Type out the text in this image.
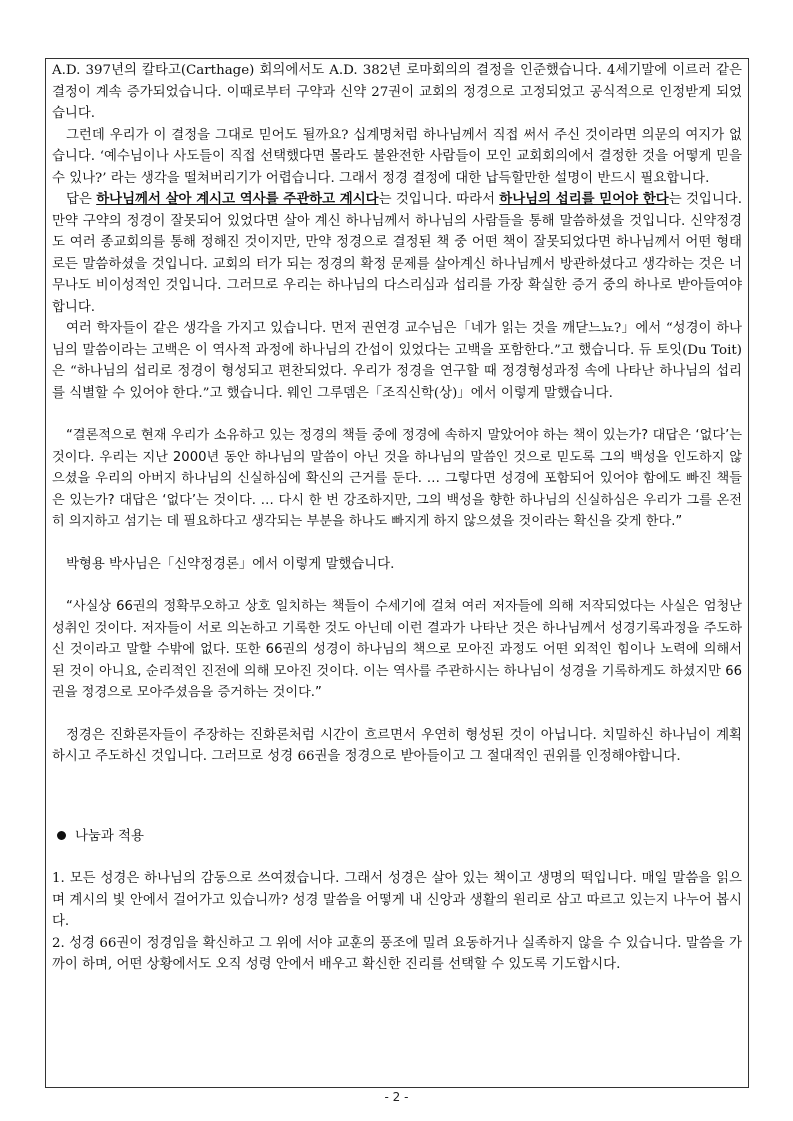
A.D. 397년의 칼타고(Carthage) 회의에서도 A.D. 382년 로마회의의 결정을 인준했습니다. 4세기말에 이르러 같은 결정이 계속 증가되었습니다. 이때로부터 구약과 신약 27권이 교회의 정경으로 고정되었고 공식적으로 인정받게 되었습니다.

그런데 우리가 이 결정을 그대로 믿어도 될까요? 십계명처럼 하나님께서 직접 써서 주신 것이라면 의문의 여지가 없습니다. ‘예수님이나 사도들이 직접 선택했다면 몰라도 불완전한 사람들이 모인 교회회의에서 결정한 것을 어떻게 믿을 수 있나?’ 라는 생각을 떨쳐버리기가 어렵습니다. 그래서 정경 결정에 대한 납득할만한 설명이 반드시 필요합니다.

답은 하나님께서 살아 계시고 역사를 주관하고 계시다는 것입니다. 따라서 하나님의 섭리를 믿어야 한다는 것입니다. 만약 구약의 정경이 잘못되어 있었다면 살아 계신 하나님께서 하나님의 사람들을 통해 말씀하셨을 것입니다. 신약정경도 여러 종교회의를 통해 정해진 것이지만, 만약 정경으로 결정된 책 중 어떤 책이 잘못되었다면 하나님께서 어떤 형태로든 말씀하셨을 것입니다. 교회의 터가 되는 정경의 확정 문제를 살아계신 하나님께서 방관하셨다고 생각하는 것은 너무나도 비이성적인 것입니다. 그러므로 우리는 하나님의 다스리심과 섭리를 가장 확실한 증거 중의 하나로 받아들여야 합니다.

여러 학자들이 같은 생각을 가지고 있습니다. 먼저 권연경 교수님은「네가 읽는 것을 깨닫느뇨?」에서 “성경이 하나님의 말씀이라는 고백은 이 역사적 과정에 하나님의 간섭이 있었다는 고백을 포함한다.”고 했습니다. 듀 토잇(Du Toit)은 “하나님의 섭리로 정경이 형성되고 편찬되었다. 우리가 정경을 연구할 때 정경형성과정 속에 나타난 하나님의 섭리를 식별할 수 있어야 한다.”고 했습니다. 웨인 그루뎀은「조직신학(상)」에서 이렇게 말했습니다.

“결론적으로 현재 우리가 소유하고 있는 정경의 책들 중에 정경에 속하지 말았어야 하는 책이 있는가? 대답은 ‘없다’는 것이다. 우리는 지난 2000년 동안 하나님의 말씀이 아닌 것을 하나님의 말씀인 것으로 믿도록 그의 백성을 인도하지 않으셨을 우리의 아버지 하나님의 신실하심에 확신의 근거를 둔다. … 그렇다면 성경에 포함되어 있어야 함에도 빠진 책들은 있는가? 대답은 ‘없다’는 것이다. … 다시 한 번 강조하지만, 그의 백성을 향한 하나님의 신실하심은 우리가 그를 온전히 의지하고 섬기는 데 필요하다고 생각되는 부분을 하나도 빠지게 하지 않으셨을 것이라는 확신을 갖게 한다.”

박형용 박사님은「신약정경론」에서 이렇게 말했습니다.

“사실상 66권의 정확무오하고 상호 일치하는 책들이 수세기에 걸쳐 여러 저자들에 의해 저작되었다는 사실은 엄청난 성취인 것이다. 저자들이 서로 의논하고 기록한 것도 아닌데 이런 결과가 나타난 것은 하나님께서 성경기록과정을 주도하신 것이라고 말할 수밖에 없다. 또한 66권의 성경이 하나님의 책으로 모아진 과정도 어떤 외적인 힘이나 노력에 의해서 된 것이 아니요, 순리적인 진전에 의해 모아진 것이다. 이는 역사를 주관하시는 하나님이 성경을 기록하게도 하셨지만 66권을 정경으로 모아주셨음을 증거하는 것이다.”

정경은 진화론자들이 주장하는 진화론처럼 시간이 흐르면서 우연히 형성된 것이 아닙니다. 치밀하신 하나님이 계획하시고 주도하신 것입니다. 그러므로 성경 66권을 정경으로 받아들이고 그 절대적인 권위를 인정해야합니다.

나눔과 적용

1. 모든 성경은 하나님의 감동으로 쓰여졌습니다. 그래서 성경은 살아 있는 책이고 생명의 떡입니다. 매일 말씀을 읽으며 계시의 빛 안에서 걸어가고 있습니까? 성경 말씀을 어떻게 내 신앙과 생활의 원리로 삼고 따르고 있는지 나누어 봅시다.

2. 성경 66권이 정경임을 확신하고 그 위에 서야 교훈의 풍조에 밀려 요동하거나 실족하지 않을 수 있습니다. 말씀을 가까이 하며, 어떤 상황에서도 오직 성령 안에서 배우고 확신한 진리를 선택할 수 있도록 기도합시다.

- 2 -
